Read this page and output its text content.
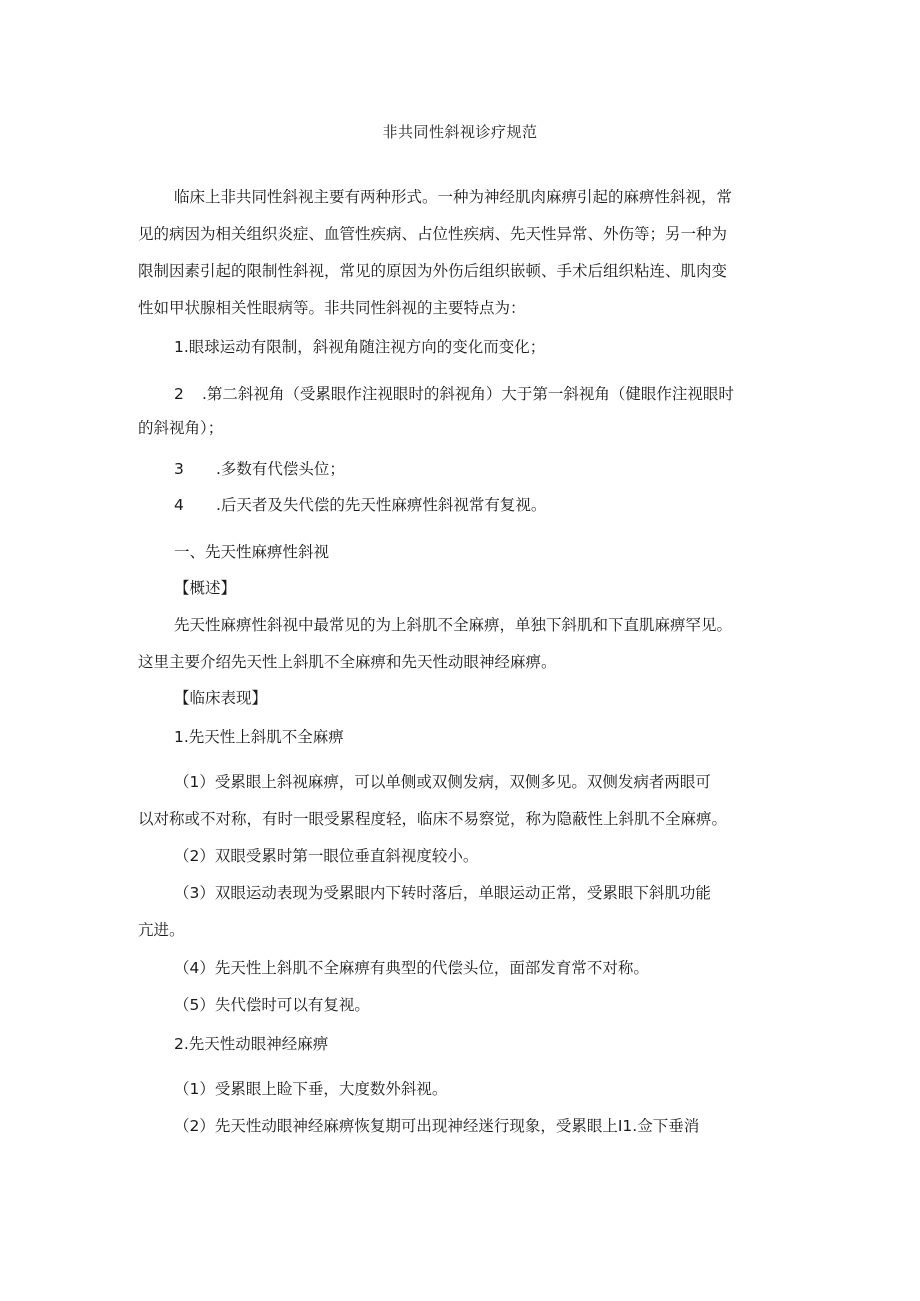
非共同性斜视诊疗规范
临床上非共同性斜视主要有两种形式。一种为神经肌肉麻痹引起的麻痹性斜视，常
见的病因为相关组织炎症、血管性疾病、占位性疾病、先天性异常、外伤等；另一种为
限制因素引起的限制性斜视，常见的原因为外伤后组织嵌顿、手术后组织粘连、肌肉变
性如甲状腺相关性眼病等。非共同性斜视的主要特点为：
1.眼球运动有限制，斜视角随注视方向的变化而变化；
2 .第二斜视角（受累眼作注视眼时的斜视角）大于第一斜视角（健眼作注视眼时
的斜视角）；
3 .多数有代偿头位；
4 .后天者及失代偿的先天性麻痹性斜视常有复视。
一、先天性麻痹性斜视
【概述】
先天性麻痹性斜视中最常见的为上斜肌不全麻痹，单独下斜肌和下直肌麻痹罕见。
这里主要介绍先天性上斜肌不全麻痹和先天性动眼神经麻痹。
【临床表现】
1.先天性上斜肌不全麻痹
（1）受累眼上斜视麻痹，可以单侧或双侧发病，双侧多见。双侧发病者两眼可
以对称或不对称，有时一眼受累程度轻，临床不易察觉，称为隐蔽性上斜肌不全麻痹。
（2）双眼受累时第一眼位垂直斜视度较小。
（3）双眼运动表现为受累眼内下转时落后，单眼运动正常，受累眼下斜肌功能
亢进。
（4）先天性上斜肌不全麻痹有典型的代偿头位，面部发育常不对称。
（5）失代偿时可以有复视。
2.先天性动眼神经麻痹
（1）受累眼上睑下垂，大度数外斜视。
（2）先天性动眼神经麻痹恢复期可出现神经迷行现象，受累眼上I1.佥下垂消
